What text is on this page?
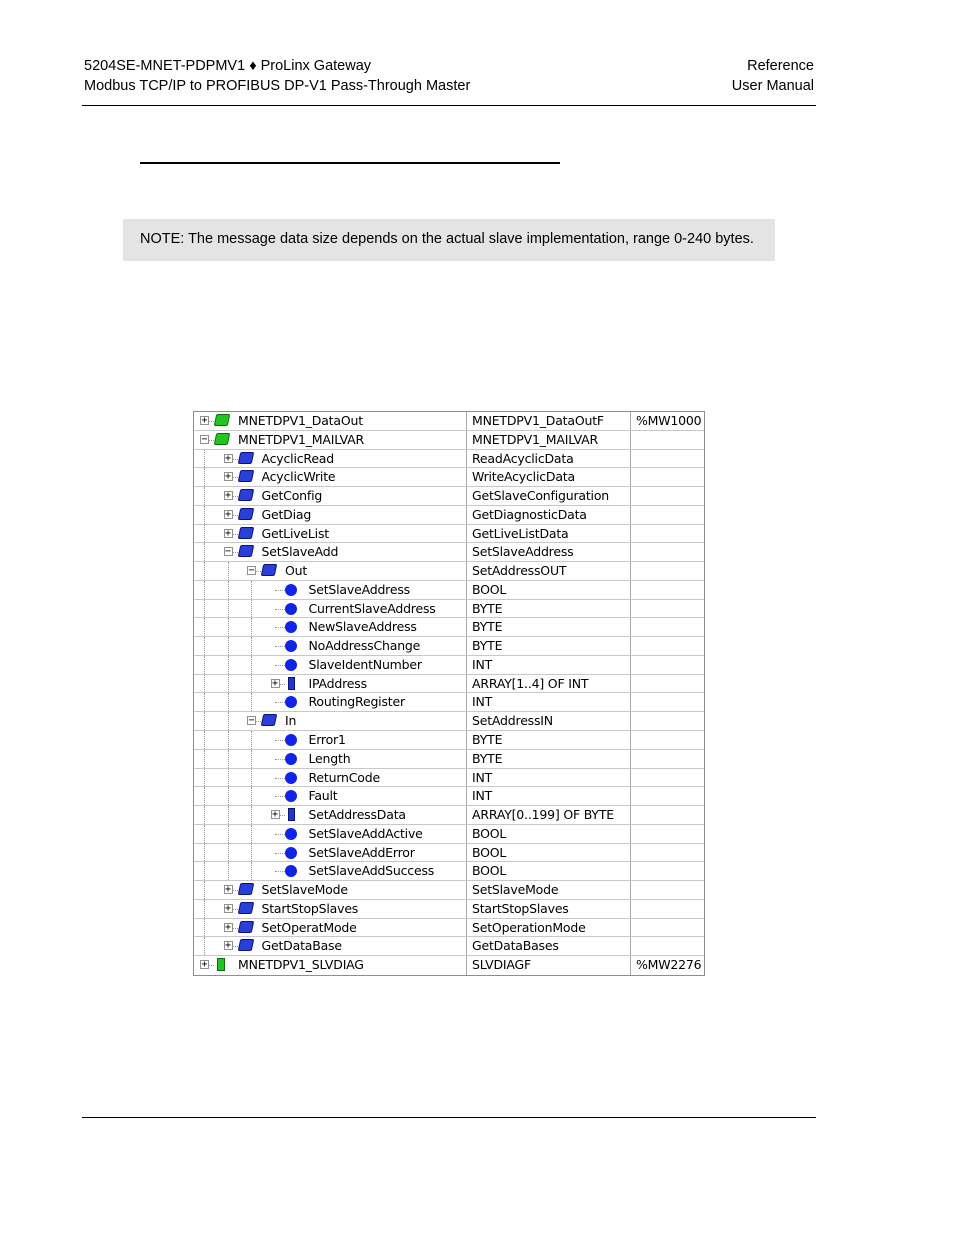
5204SE-MNET-PDPMV1 ♦ ProLinx Gateway
Modbus TCP/IP to PROFIBUS DP-V1 Pass-Through Master
Reference
User Manual
NOTE: The message data size depends on the actual slave implementation, range 0-240 bytes.
+ MNETDPV1_DataOut	MNETDPV1_DataOutF	%MW1000
− MNETDPV1_MAILVAR	MNETDPV1_MAILVAR
+ AcyclicRead	ReadAcyclicData
+ AcyclicWrite	WriteAcyclicData
+ GetConfig	GetSlaveConfiguration
+ GetDiag	GetDiagnosticData
+ GetLiveList	GetLiveListData
− SetSlaveAdd	SetSlaveAddress
− Out	SetAddressOUT
SetSlaveAddress	BOOL
CurrentSlaveAddress	BYTE
NewSlaveAddress	BYTE
NoAddressChange	BYTE
SlaveIdentNumber	INT
+ IPAddress	ARRAY[1..4] OF INT
RoutingRegister	INT
− In	SetAddressIN
Error1	BYTE
Length	BYTE
ReturnCode	INT
Fault	INT
+ SetAddressData	ARRAY[0..199] OF BYTE
SetSlaveAddActive	BOOL
SetSlaveAddError	BOOL
SetSlaveAddSuccess	BOOL
+ SetSlaveMode	SetSlaveMode
+ StartStopSlaves	StartStopSlaves
+ SetOperatMode	SetOperationMode
+ GetDataBase	GetDataBases
+ MNETDPV1_SLVDIAG	SLVDIAGF	%MW2276
